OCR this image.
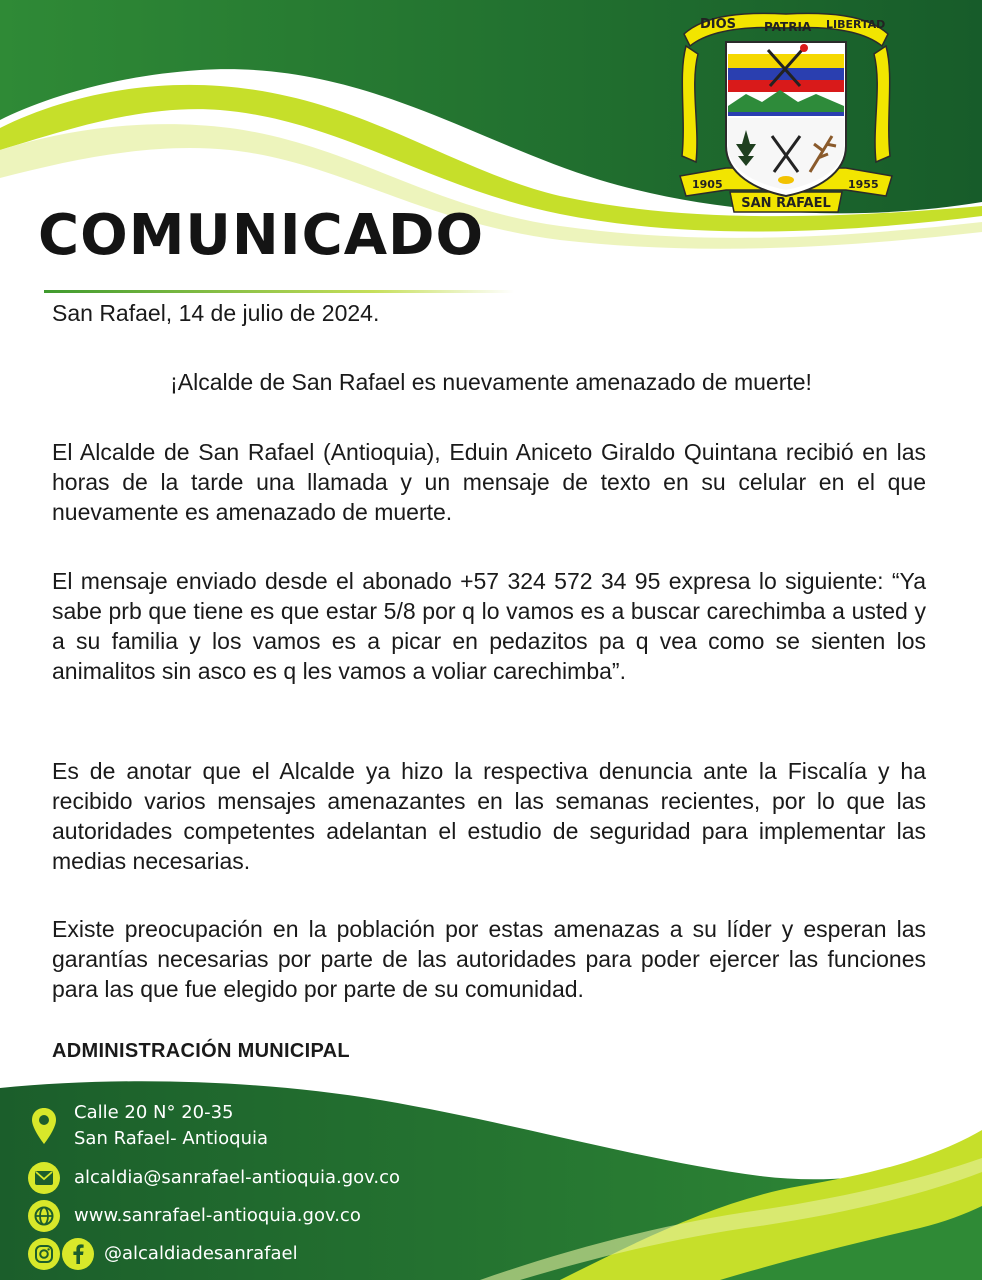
DIOS PATRIA LIBERTAD
1905	1955
SAN RAFAEL
COMUNICADO
San Rafael, 14 de julio de 2024.
¡Alcalde de San Rafael es nuevamente amenazado de muerte!

El Alcalde de San Rafael (Antioquia), Eduin Aniceto Giraldo Quintana recibió en las horas de la tarde una llamada y un mensaje de texto en su celular en el que nuevamente es amenazado de muerte.

El mensaje enviado desde el abonado +57 324 572 34 95 expresa lo siguiente: “Ya sabe prb que tiene es que estar 5/8 por q lo vamos es a buscar carechimba a usted y a su familia y los vamos es a picar en pedazitos pa q vea como se sienten los animalitos sin asco es q les vamos a voliar carechimba”.

Es de anotar que el Alcalde ya hizo la respectiva denuncia ante la Fiscalía y ha recibido varios mensajes amenazantes en las semanas recientes, por lo que las autoridades competentes adelantan el estudio de seguridad para implementar las medias necesarias.

Existe preocupación en la población por estas amenazas a su líder y esperan las garantías necesarias por parte de las autoridades para poder ejercer las funciones para las que fue elegido por parte de su comunidad.

ADMINISTRACIÓN MUNICIPAL
Calle 20 N° 20-35
San Rafael- Antioquia
alcaldia@sanrafael-antioquia.gov.co
www.sanrafael-antioquia.gov.co
@alcaldiadesanrafael
